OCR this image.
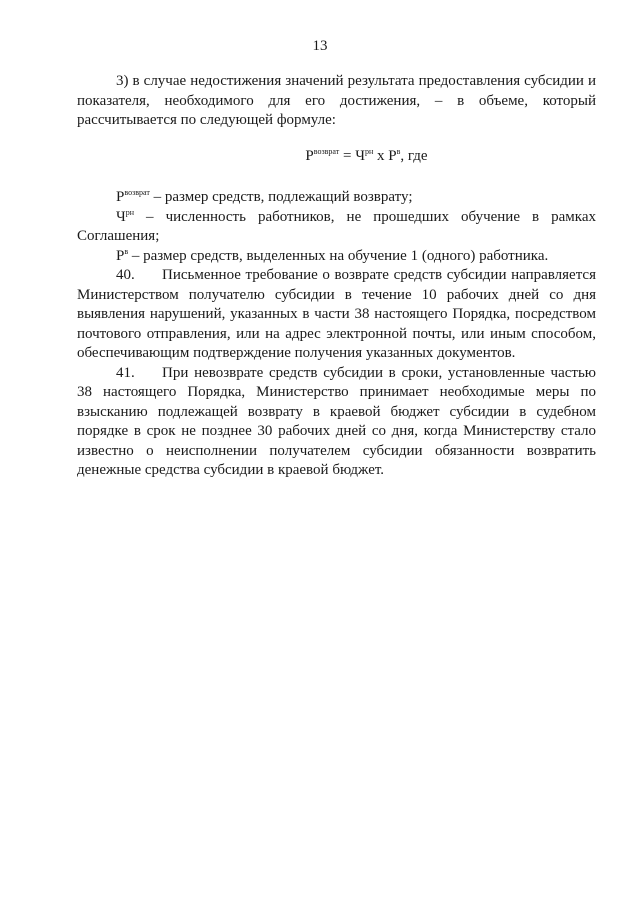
13

3) в случае недостижения значений результата предоставления субсидии и показателя, необходимого для его достижения, – в объеме, который рассчитывается по следующей формуле:

$Р^{возврат} = Ч^{рн}$ х $Р^в$, где

$Р^{возврат}$ – размер средств, подлежащий возврату;

$Ч^{рн}$ – численность работников, не прошедших обучение в рамках Соглашения;

$Р^в$ – размер средств, выделенных на обучение 1 (одного) работника.

40. Письменное требование о возврате средств субсидии направляется Министерством получателю субсидии в течение 10 рабочих дней со дня выявления нарушений, указанных в части 38 настоящего Порядка, посредством почтового отправления, или на адрес электронной почты, или иным способом, обеспечивающим подтверждение получения указанных документов.

41. При невозврате средств субсидии в сроки, установленные частью 38 настоящего Порядка, Министерство принимает необходимые меры по взысканию подлежащей возврату в краевой бюджет субсидии в судебном порядке в срок не позднее 30 рабочих дней со дня, когда Министерству стало известно о неисполнении получателем субсидии обязанности возвратить денежные средства субсидии в краевой бюджет.
